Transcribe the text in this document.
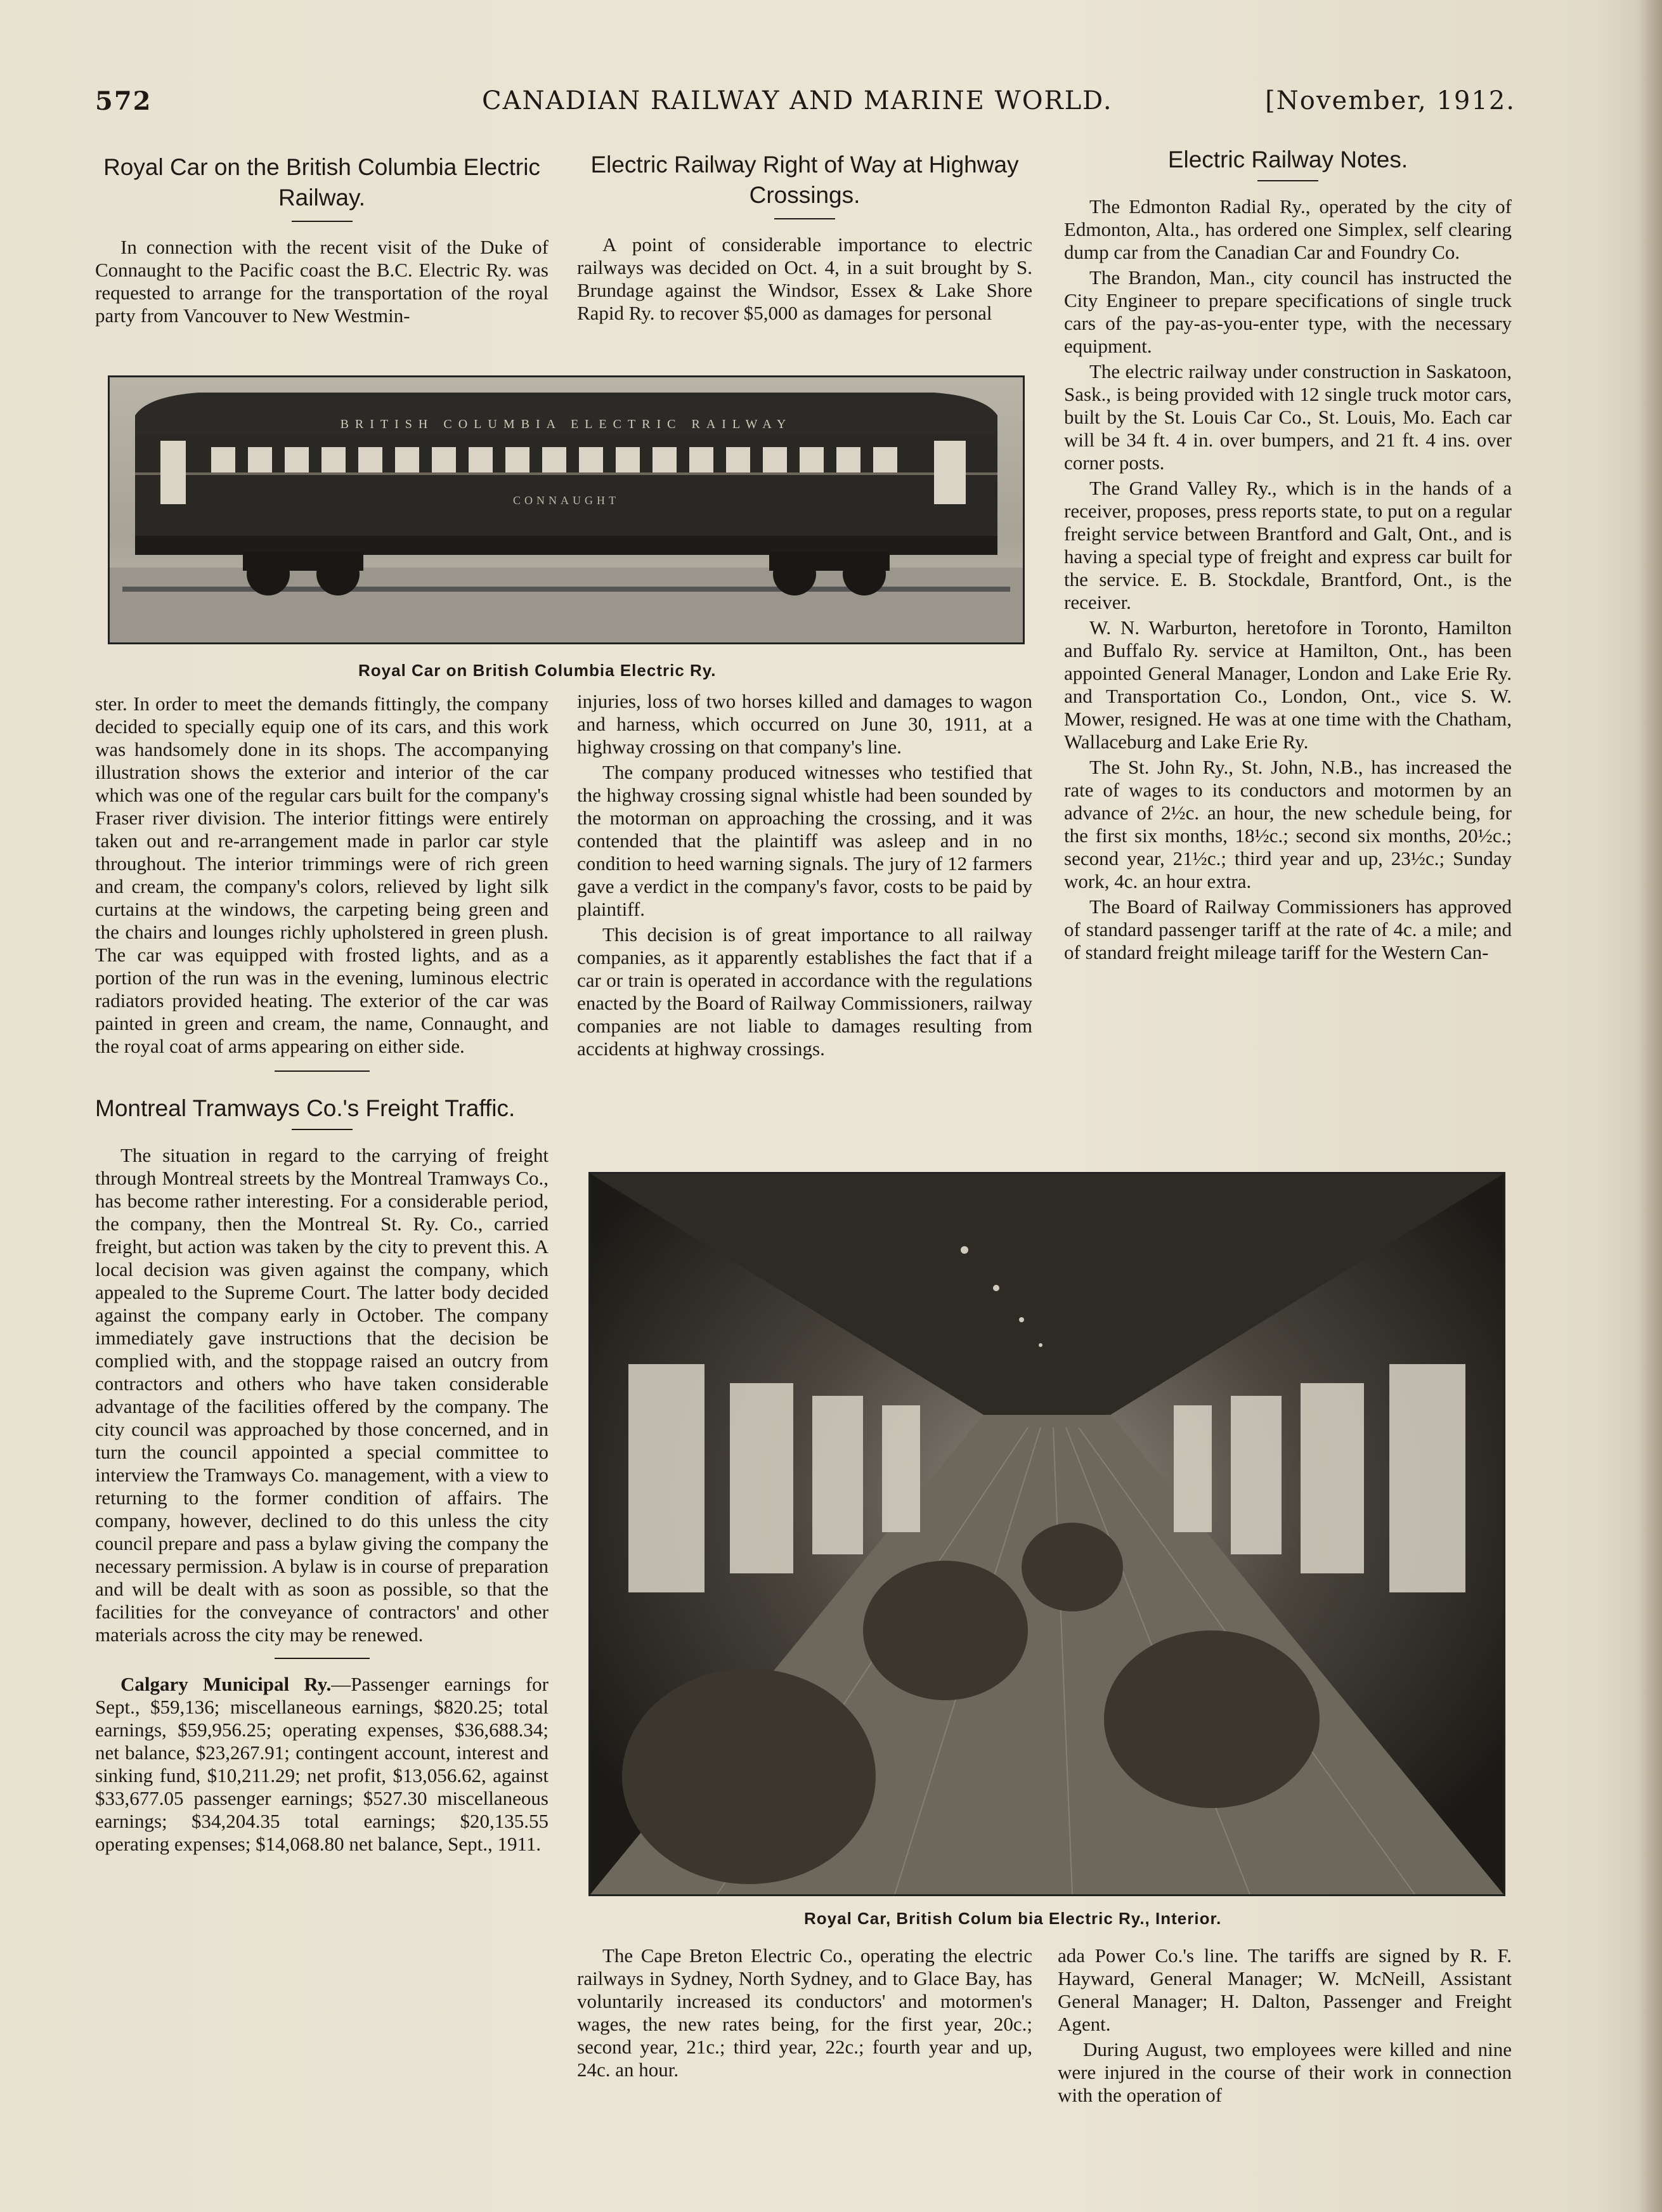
572	CANADIAN RAILWAY AND MARINE WORLD.	[November, 1912.
Royal Car on the British Columbia Electric
Railway.

In connection with the recent visit of the Duke of Connaught to the Pacific coast the B.C. Electric Ry. was requested to arrange for the transportation of the royal party from Vancouver to New Westmin-

Electric Railway Right of Way at Highway
Crossings.

A point of considerable importance to electric railways was decided on Oct. 4, in a suit brought by S. Brundage against the Windsor, Essex & Lake Shore Rapid Ry. to recover $5,000 as damages for personal

BRITISH COLUMBIA ELECTRIC RAILWAY
CONNAUGHT
Royal Car on British Columbia Electric Ry.

ster. In order to meet the demands fittingly, the company decided to specially equip one of its cars, and this work was handsomely done in its shops. The accompanying illustration shows the exterior and interior of the car which was one of the regular cars built for the company's Fraser river division. The interior fittings were entirely taken out and re-arrangement made in parlor car style throughout. The interior trimmings were of rich green and cream, the company's colors, relieved by light silk curtains at the windows, the carpeting being green and the chairs and lounges richly upholstered in green plush. The car was equipped with frosted lights, and as a portion of the run was in the evening, luminous electric radiators provided heating. The exterior of the car was painted in green and cream, the name, Connaught, and the royal coat of arms appearing on either side.

Montreal Tramways Co.'s Freight Traffic.

The situation in regard to the carrying of freight through Montreal streets by the Montreal Tramways Co., has become rather interesting. For a considerable period, the company, then the Montreal St. Ry. Co., carried freight, but action was taken by the city to prevent this. A local decision was given against the company, which appealed to the Supreme Court. The latter body decided against the company early in October. The company immediately gave instructions that the decision be complied with, and the stoppage raised an outcry from contractors and others who have taken considerable advantage of the facilities offered by the company. The city council was approached by those concerned, and in turn the council appointed a special committee to interview the Tramways Co. management, with a view to returning to the former condition of affairs. The company, however, declined to do this unless the city council prepare and pass a bylaw giving the company the necessary permission. A bylaw is in course of preparation and will be dealt with as soon as possible, so that the facilities for the conveyance of contractors' and other materials across the city may be renewed.

Calgary Municipal Ry.—Passenger earnings for Sept., $59,136; miscellaneous earnings, $820.25; total earnings, $59,956.25; operating expenses, $36,688.34; net balance, $23,267.91; contingent account, interest and sinking fund, $10,211.29; net profit, $13,056.62, against $33,677.05 passenger earnings; $527.30 miscellaneous earnings; $34,204.35 total earnings; $20,135.55 operating expenses; $14,068.80 net balance, Sept., 1911.

injuries, loss of two horses killed and damages to wagon and harness, which occurred on June 30, 1911, at a highway crossing on that company's line.

The company produced witnesses who testified that the highway crossing signal whistle had been sounded by the motorman on approaching the crossing, and it was contended that the plaintiff was asleep and in no condition to heed warning signals. The jury of 12 farmers gave a verdict in the company's favor, costs to be paid by plaintiff.

This decision is of great importance to all railway companies, as it apparently establishes the fact that if a car or train is operated in accordance with the regulations enacted by the Board of Railway Commissioners, railway companies are not liable to damages resulting from accidents at highway crossings.

Electric Railway Notes.

The Edmonton Radial Ry., operated by the city of Edmonton, Alta., has ordered one Simplex, self clearing dump car from the Canadian Car and Foundry Co.

The Brandon, Man., city council has instructed the City Engineer to prepare specifications of single truck cars of the pay-as-you-enter type, with the necessary equipment.

The electric railway under construction in Saskatoon, Sask., is being provided with 12 single truck motor cars, built by the St. Louis Car Co., St. Louis, Mo. Each car will be 34 ft. 4 in. over bumpers, and 21 ft. 4 ins. over corner posts.

The Grand Valley Ry., which is in the hands of a receiver, proposes, press reports state, to put on a regular freight service between Brantford and Galt, Ont., and is having a special type of freight and express car built for the service. E. B. Stockdale, Brantford, Ont., is the receiver.

W. N. Warburton, heretofore in Toronto, Hamilton and Buffalo Ry. service at Hamilton, Ont., has been appointed General Manager, London and Lake Erie Ry. and Transportation Co., London, Ont., vice S. W. Mower, resigned. He was at one time with the Chatham, Wallaceburg and Lake Erie Ry.

The St. John Ry., St. John, N.B., has increased the rate of wages to its conductors and motormen by an advance of 2½c. an hour, the new schedule being, for the first six months, 18½c.; second six months, 20½c.; second year, 21½c.; third year and up, 23½c.; Sunday work, 4c. an hour extra.

The Board of Railway Commissioners has approved of standard passenger tariff at the rate of 4c. a mile; and of standard freight mileage tariff for the Western Can-

Royal Car, British Colum bia Electric Ry., Interior.

The Cape Breton Electric Co., operating the electric railways in Sydney, North Sydney, and to Glace Bay, has voluntarily increased its conductors' and motormen's wages, the new rates being, for the first year, 20c.; second year, 21c.; third year, 22c.; fourth year and up, 24c. an hour.

ada Power Co.'s line. The tariffs are signed by R. F. Hayward, General Manager; W. McNeill, Assistant General Manager; H. Dalton, Passenger and Freight Agent.

During August, two employees were killed and nine were injured in the course of their work in connection with the operation of
